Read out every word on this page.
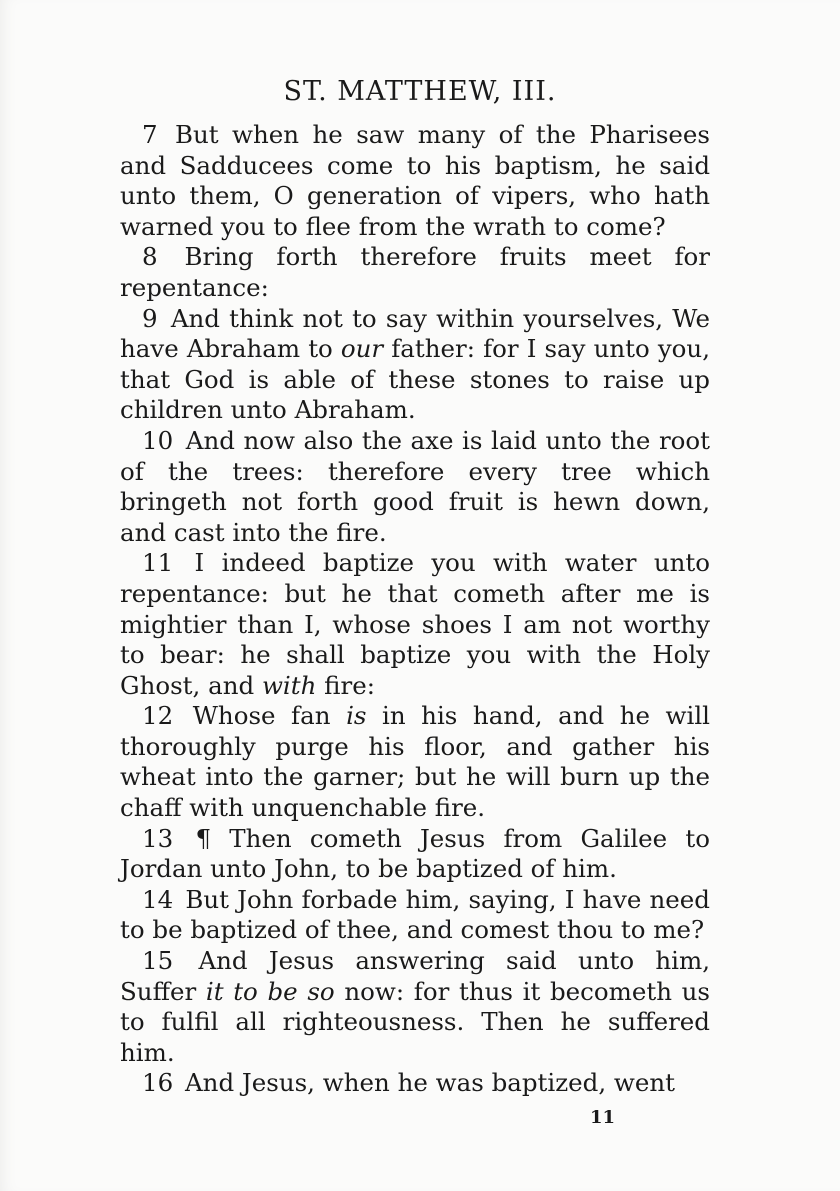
ST. MATTHEW, III.

7 But when he saw many of the Pharisees and Sadducees come to his baptism, he said unto them, O generation of vipers, who hath warned you to flee from the wrath to come?

8 Bring forth therefore fruits meet for repentance:

9 And think not to say within yourselves, We have Abraham to our father: for I say unto you, that God is able of these stones to raise up children unto Abraham.

10 And now also the axe is laid unto the root of the trees: therefore every tree which bringeth not forth good fruit is hewn down, and cast into the fire.

11 I indeed baptize you with water unto repentance: but he that cometh after me is mightier than I, whose shoes I am not worthy to bear: he shall baptize you with the Holy Ghost, and with fire:

12 Whose fan is in his hand, and he will thoroughly purge his floor, and gather his wheat into the garner; but he will burn up the chaff with unquenchable fire.

13 ¶ Then cometh Jesus from Galilee to Jordan unto John, to be baptized of him.

14 But John forbade him, saying, I have need to be baptized of thee, and comest thou to me?

15 And Jesus answering said unto him, Suffer it to be so now: for thus it becometh us to fulfil all righteousness. Then he suffered him.

16 And Jesus, when he was baptized, went

11
